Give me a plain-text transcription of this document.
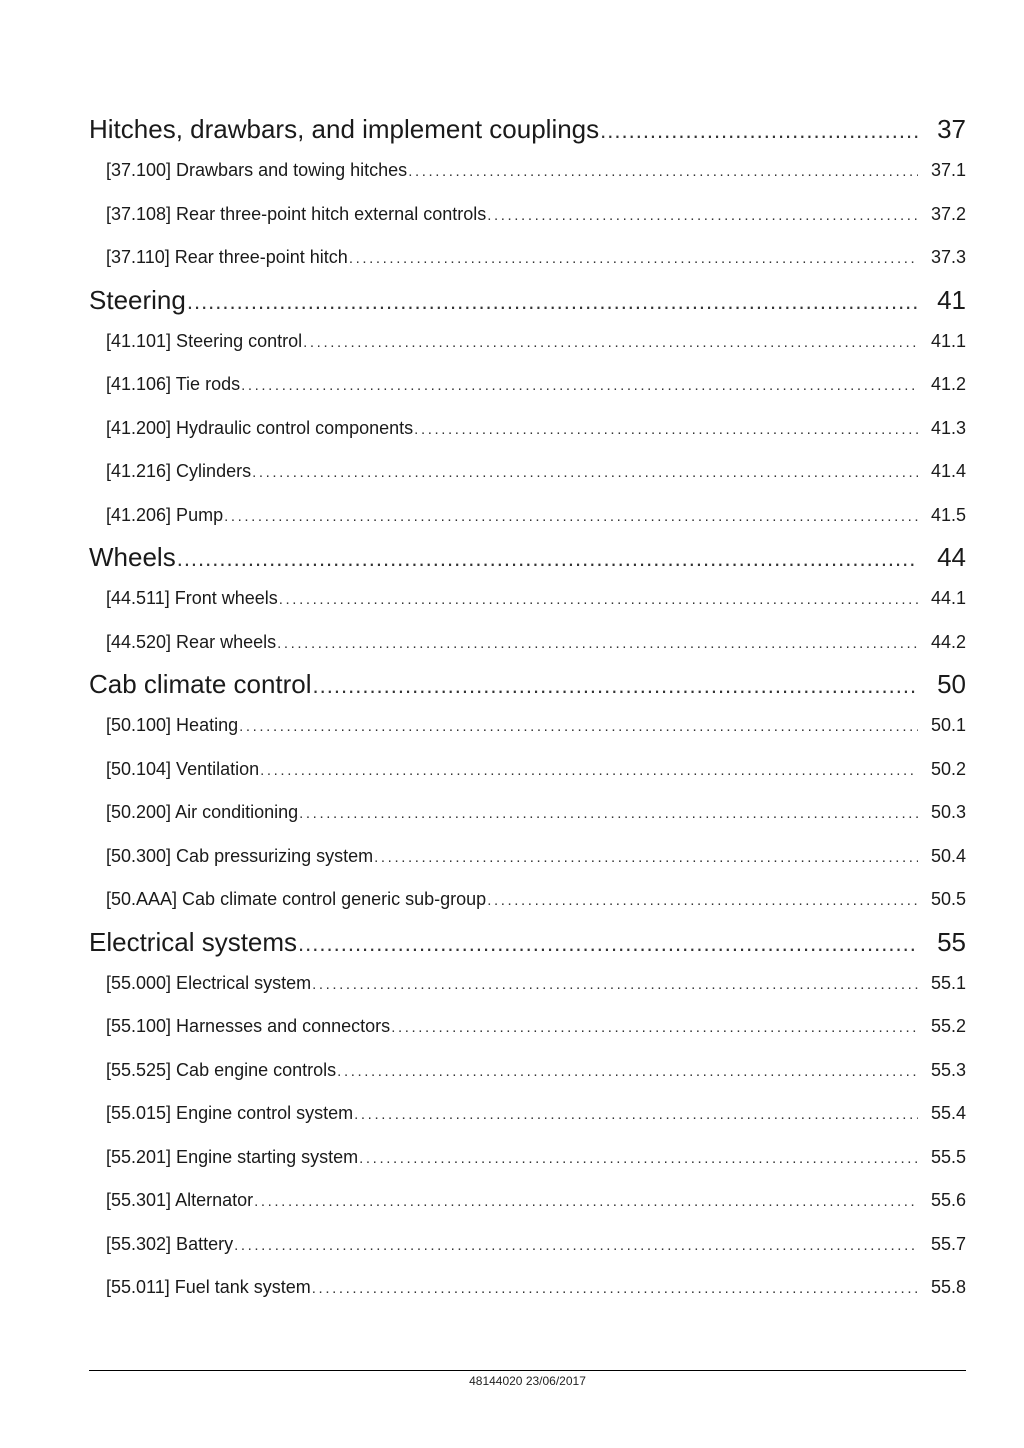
Hitches, drawbars, and implement couplings .....	37
[37.100] Drawbars and towing hitches .....	37.1
[37.108] Rear three-point hitch external controls .....	37.2
[37.110] Rear three-point hitch .....	37.3
Steering .....	41
[41.101] Steering control .....	41.1
[41.106] Tie rods .....	41.2
[41.200] Hydraulic control components .....	41.3
[41.216] Cylinders .....	41.4
[41.206] Pump .....	41.5
Wheels .....	44
[44.511] Front wheels .....	44.1
[44.520] Rear wheels .....	44.2
Cab climate control .....	50
[50.100] Heating .....	50.1
[50.104] Ventilation .....	50.2
[50.200] Air conditioning .....	50.3
[50.300] Cab pressurizing system .....	50.4
[50.AAA] Cab climate control generic sub-group .....	50.5
Electrical systems .....	55
[55.000] Electrical system .....	55.1
[55.100] Harnesses and connectors .....	55.2
[55.525] Cab engine controls .....	55.3
[55.015] Engine control system .....	55.4
[55.201] Engine starting system .....	55.5
[55.301] Alternator .....	55.6
[55.302] Battery .....	55.7
[55.011] Fuel tank system .....	55.8
48144020 23/06/2017
